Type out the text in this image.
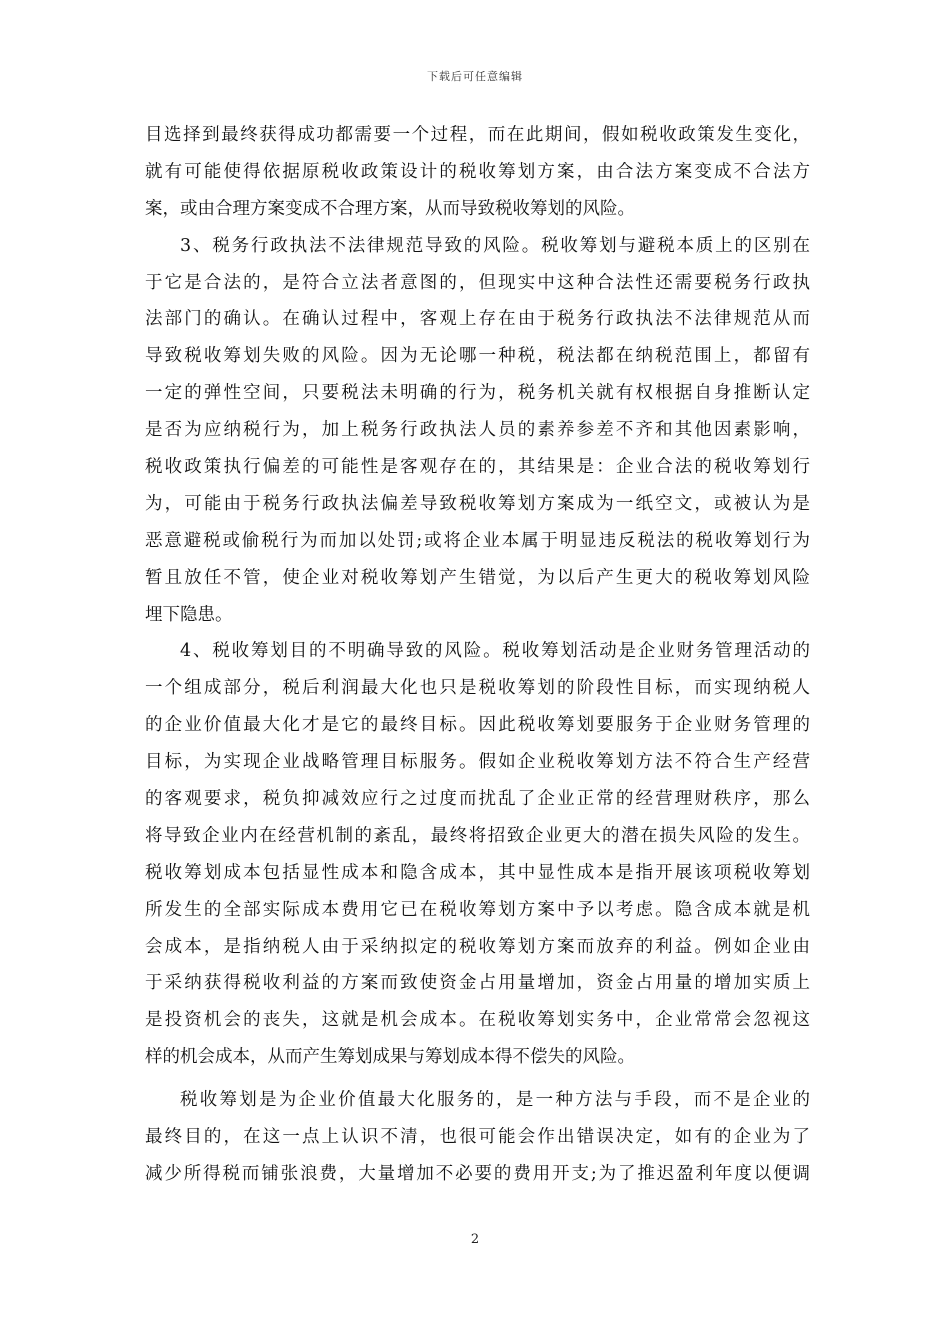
下载后可任意编辑
目选择到最终获得成功都需要一个过程，而在此期间，假如税收政策发生变化，
就有可能使得依据原税收政策设计的税收筹划方案，由合法方案变成不合法方
案，或由合理方案变成不合理方案，从而导致税收筹划的风险。
3、税务行政执法不法律规范导致的风险。税收筹划与避税本质上的区别在
于它是合法的，是符合立法者意图的，但现实中这种合法性还需要税务行政执
法部门的确认。在确认过程中，客观上存在由于税务行政执法不法律规范从而
导致税收筹划失败的风险。因为无论哪一种税，税法都在纳税范围上，都留有
一定的弹性空间，只要税法未明确的行为，税务机关就有权根据自身推断认定
是否为应纳税行为，加上税务行政执法人员的素养参差不齐和其他因素影响，
税收政策执行偏差的可能性是客观存在的，其结果是：企业合法的税收筹划行
为，可能由于税务行政执法偏差导致税收筹划方案成为一纸空文，或被认为是
恶意避税或偷税行为而加以处罚;或将企业本属于明显违反税法的税收筹划行为
暂且放任不管，使企业对税收筹划产生错觉，为以后产生更大的税收筹划风险
埋下隐患。
4、税收筹划目的不明确导致的风险。税收筹划活动是企业财务管理活动的
一个组成部分，税后利润最大化也只是税收筹划的阶段性目标，而实现纳税人
的企业价值最大化才是它的最终目标。因此税收筹划要服务于企业财务管理的
目标，为实现企业战略管理目标服务。假如企业税收筹划方法不符合生产经营
的客观要求，税负抑减效应行之过度而扰乱了企业正常的经营理财秩序，那么
将导致企业内在经营机制的紊乱，最终将招致企业更大的潜在损失风险的发生。
税收筹划成本包括显性成本和隐含成本，其中显性成本是指开展该项税收筹划
所发生的全部实际成本费用它已在税收筹划方案中予以考虑。隐含成本就是机
会成本，是指纳税人由于采纳拟定的税收筹划方案而放弃的利益。例如企业由
于采纳获得税收利益的方案而致使资金占用量增加，资金占用量的增加实质上
是投资机会的丧失，这就是机会成本。在税收筹划实务中，企业常常会忽视这
样的机会成本，从而产生筹划成果与筹划成本得不偿失的风险。
税收筹划是为企业价值最大化服务的，是一种方法与手段，而不是企业的
最终目的，在这一点上认识不清，也很可能会作出错误决定，如有的企业为了
减少所得税而铺张浪费，大量增加不必要的费用开支;为了推迟盈利年度以便调
2
